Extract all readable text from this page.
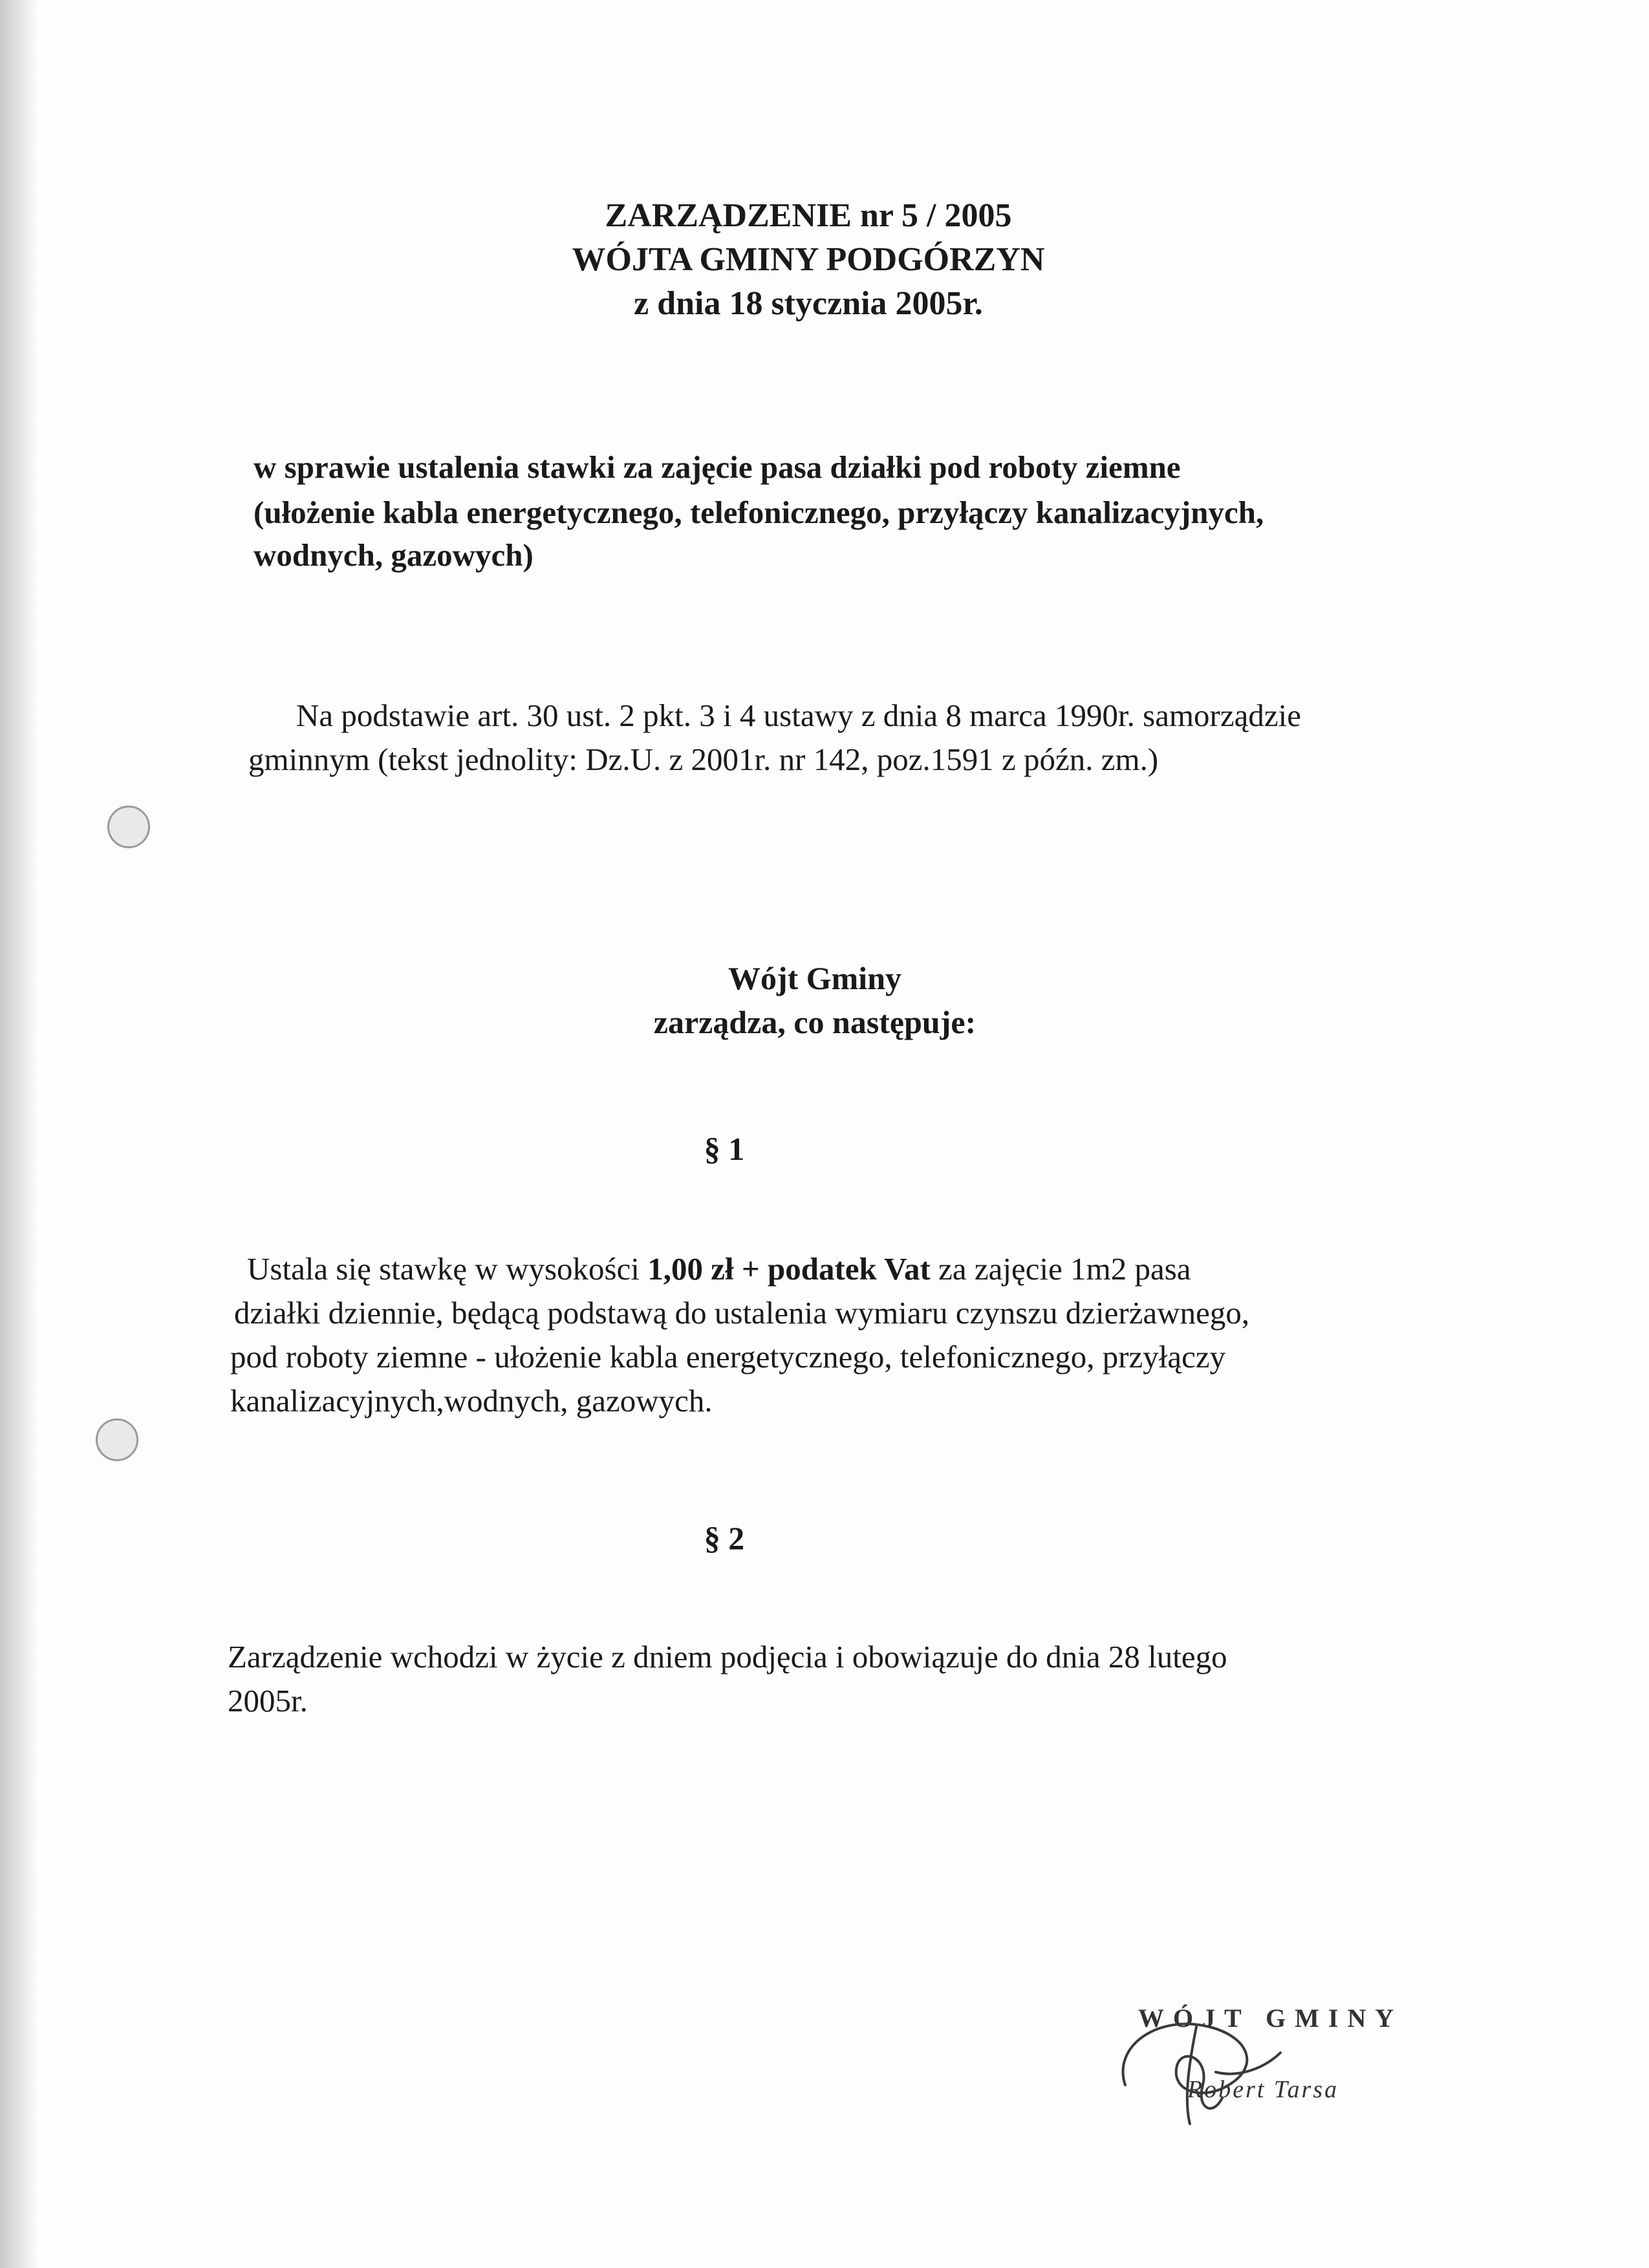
ZARZĄDZENIE nr 5 / 2005
WÓJTA GMINY PODGÓRZYN
z dnia 18 stycznia 2005r.
w sprawie ustalenia stawki za zajęcie pasa działki pod roboty ziemne
(ułożenie kabla energetycznego, telefonicznego, przyłączy kanalizacyjnych,
wodnych, gazowych)
Na podstawie art. 30 ust. 2 pkt. 3 i 4 ustawy z dnia 8 marca 1990r. samorządzie
gminnym (tekst jednolity: Dz.U. z 2001r. nr 142, poz.1591 z późn. zm.)
Wójt Gminy
zarządza, co następuje:
§ 1
Ustala się stawkę w wysokości 1,00 zł + podatek Vat za zajęcie 1m2 pasa
działki dziennie, będącą podstawą do ustalenia wymiaru czynszu dzierżawnego,
pod roboty ziemne - ułożenie kabla energetycznego, telefonicznego, przyłączy
kanalizacyjnych,wodnych, gazowych.
§ 2
Zarządzenie wchodzi w życie z dniem podjęcia i obowiązuje do dnia 28 lutego
2005r.
WÓJT GMINY
Robert Tarsa
